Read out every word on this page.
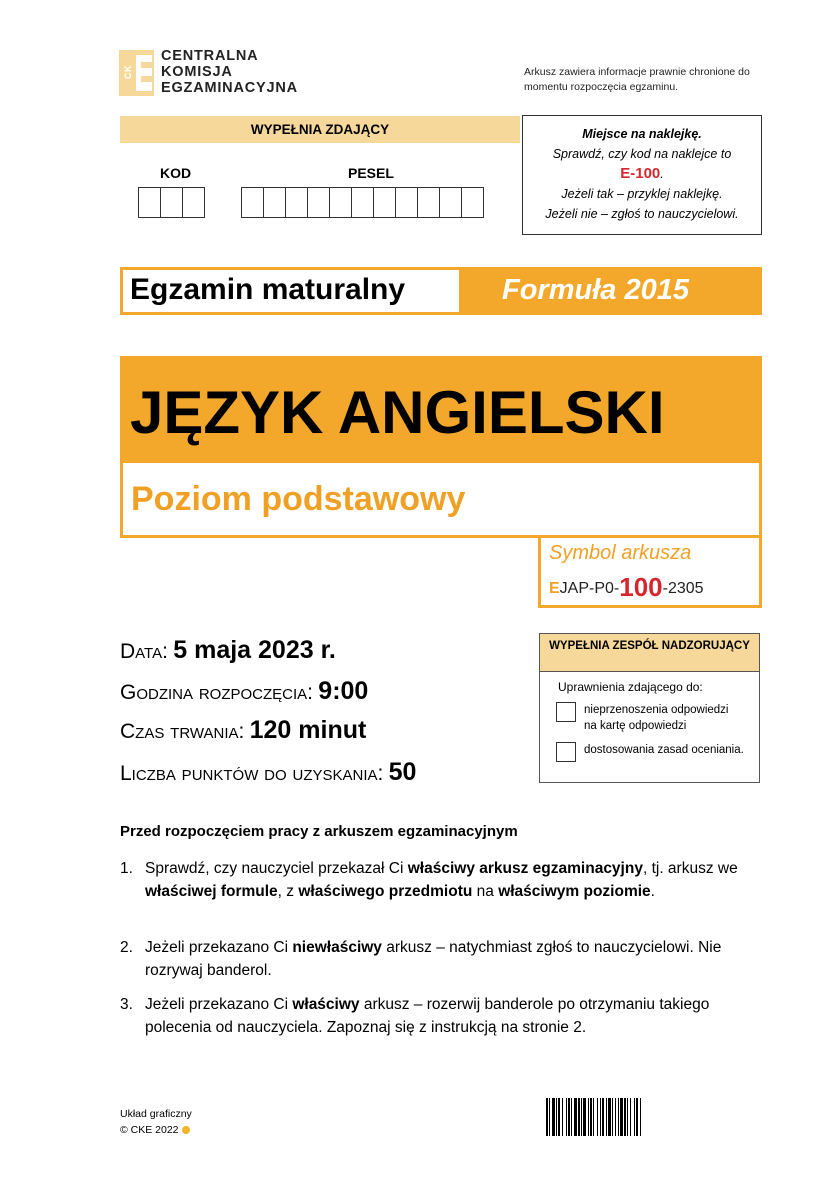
CK
CENTRALNA
KOMISJA
EGZAMINACYJNA
Arkusz zawiera informacje prawnie chronione do momentu rozpoczęcia egzaminu.
WYPEŁNIA ZDAJĄCY
KOD	PESEL
Miejsce na naklejkę.
Sprawdź, czy kod na naklejce to
E-100.
Jeżeli tak – przyklej naklejkę.
Jeżeli nie – zgłoś to nauczycielowi.
Egzamin maturalny	Formuła 2015
JĘZYK ANGIELSKI
Poziom podstawowy
Symbol arkusza
EJAP-P0-100-2305
Data: 5 maja 2023 r.
Godzina rozpoczęcia: 9:00
Czas trwania: 120 minut
Liczba punktów do uzyskania: 50
WYPEŁNIA ZESPÓŁ NADZORUJĄCY
Uprawnienia zdającego do:
nieprzenoszenia odpowiedzi na kartę odpowiedzi
dostosowania zasad oceniania.
Przed rozpoczęciem pracy z arkuszem egzaminacyjnym
1. Sprawdź, czy nauczyciel przekazał Ci właściwy arkusz egzaminacyjny, tj. arkusz we właściwej formule, z właściwego przedmiotu na właściwym poziomie.
2. Jeżeli przekazano Ci niewłaściwy arkusz – natychmiast zgłoś to nauczycielowi. Nie rozrywaj banderol.
3. Jeżeli przekazano Ci właściwy arkusz – rozerwij banderole po otrzymaniu takiego polecenia od nauczyciela. Zapoznaj się z instrukcją na stronie 2.
Układ graficzny
© CKE 2022
